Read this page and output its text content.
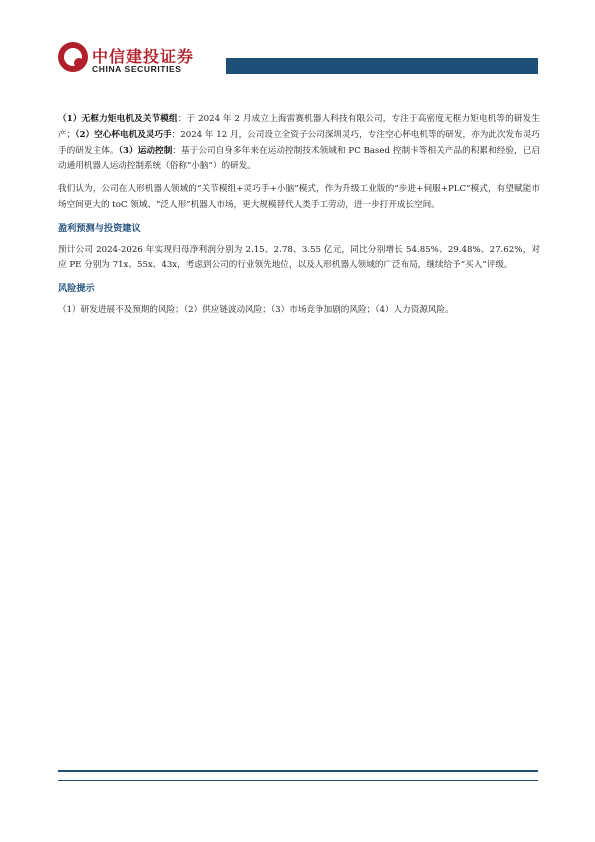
中信建投证券
CHINA SECURITIES

（1）无框力矩电机及关节模组：于 2024 年 2 月成立上海雷赛机器人科技有限公司，专注于高密度无框力矩电机等的研发生产；（2）空心杯电机及灵巧手：2024 年 12 月，公司设立全资子公司深圳灵巧，专注空心杯电机等的研发，亦为此次发布灵巧手的研发主体。（3）运动控制：基于公司自身多年来在运动控制技术领域和 PC Based 控制卡等相关产品的积累和经验，已启动通用机器人运动控制系统（俗称“小脑”）的研发。

我们认为，公司在人形机器人领域的“关节模组+灵巧手+小脑”模式，作为升级工业版的“步进+伺服+PLC”模式，有望赋能市场空间更大的 toC 领域、“泛人形”机器人市场，更大规模替代人类手工劳动，进一步打开成长空间。

盈利预测与投资建议

预计公司 2024-2026 年实现归母净利润分别为 2.15、2.78、3.55 亿元，同比分别增长 54.85%、29.48%、27.62%，对应 PE 分别为 71x、55x、43x，考虑到公司的行业领先地位，以及人形机器人领域的广泛布局，继续给予“买入”评级。

风险提示

（1）研发进展不及预期的风险；（2）供应链波动风险；（3）市场竞争加剧的风险；（4）人力资源风险。
